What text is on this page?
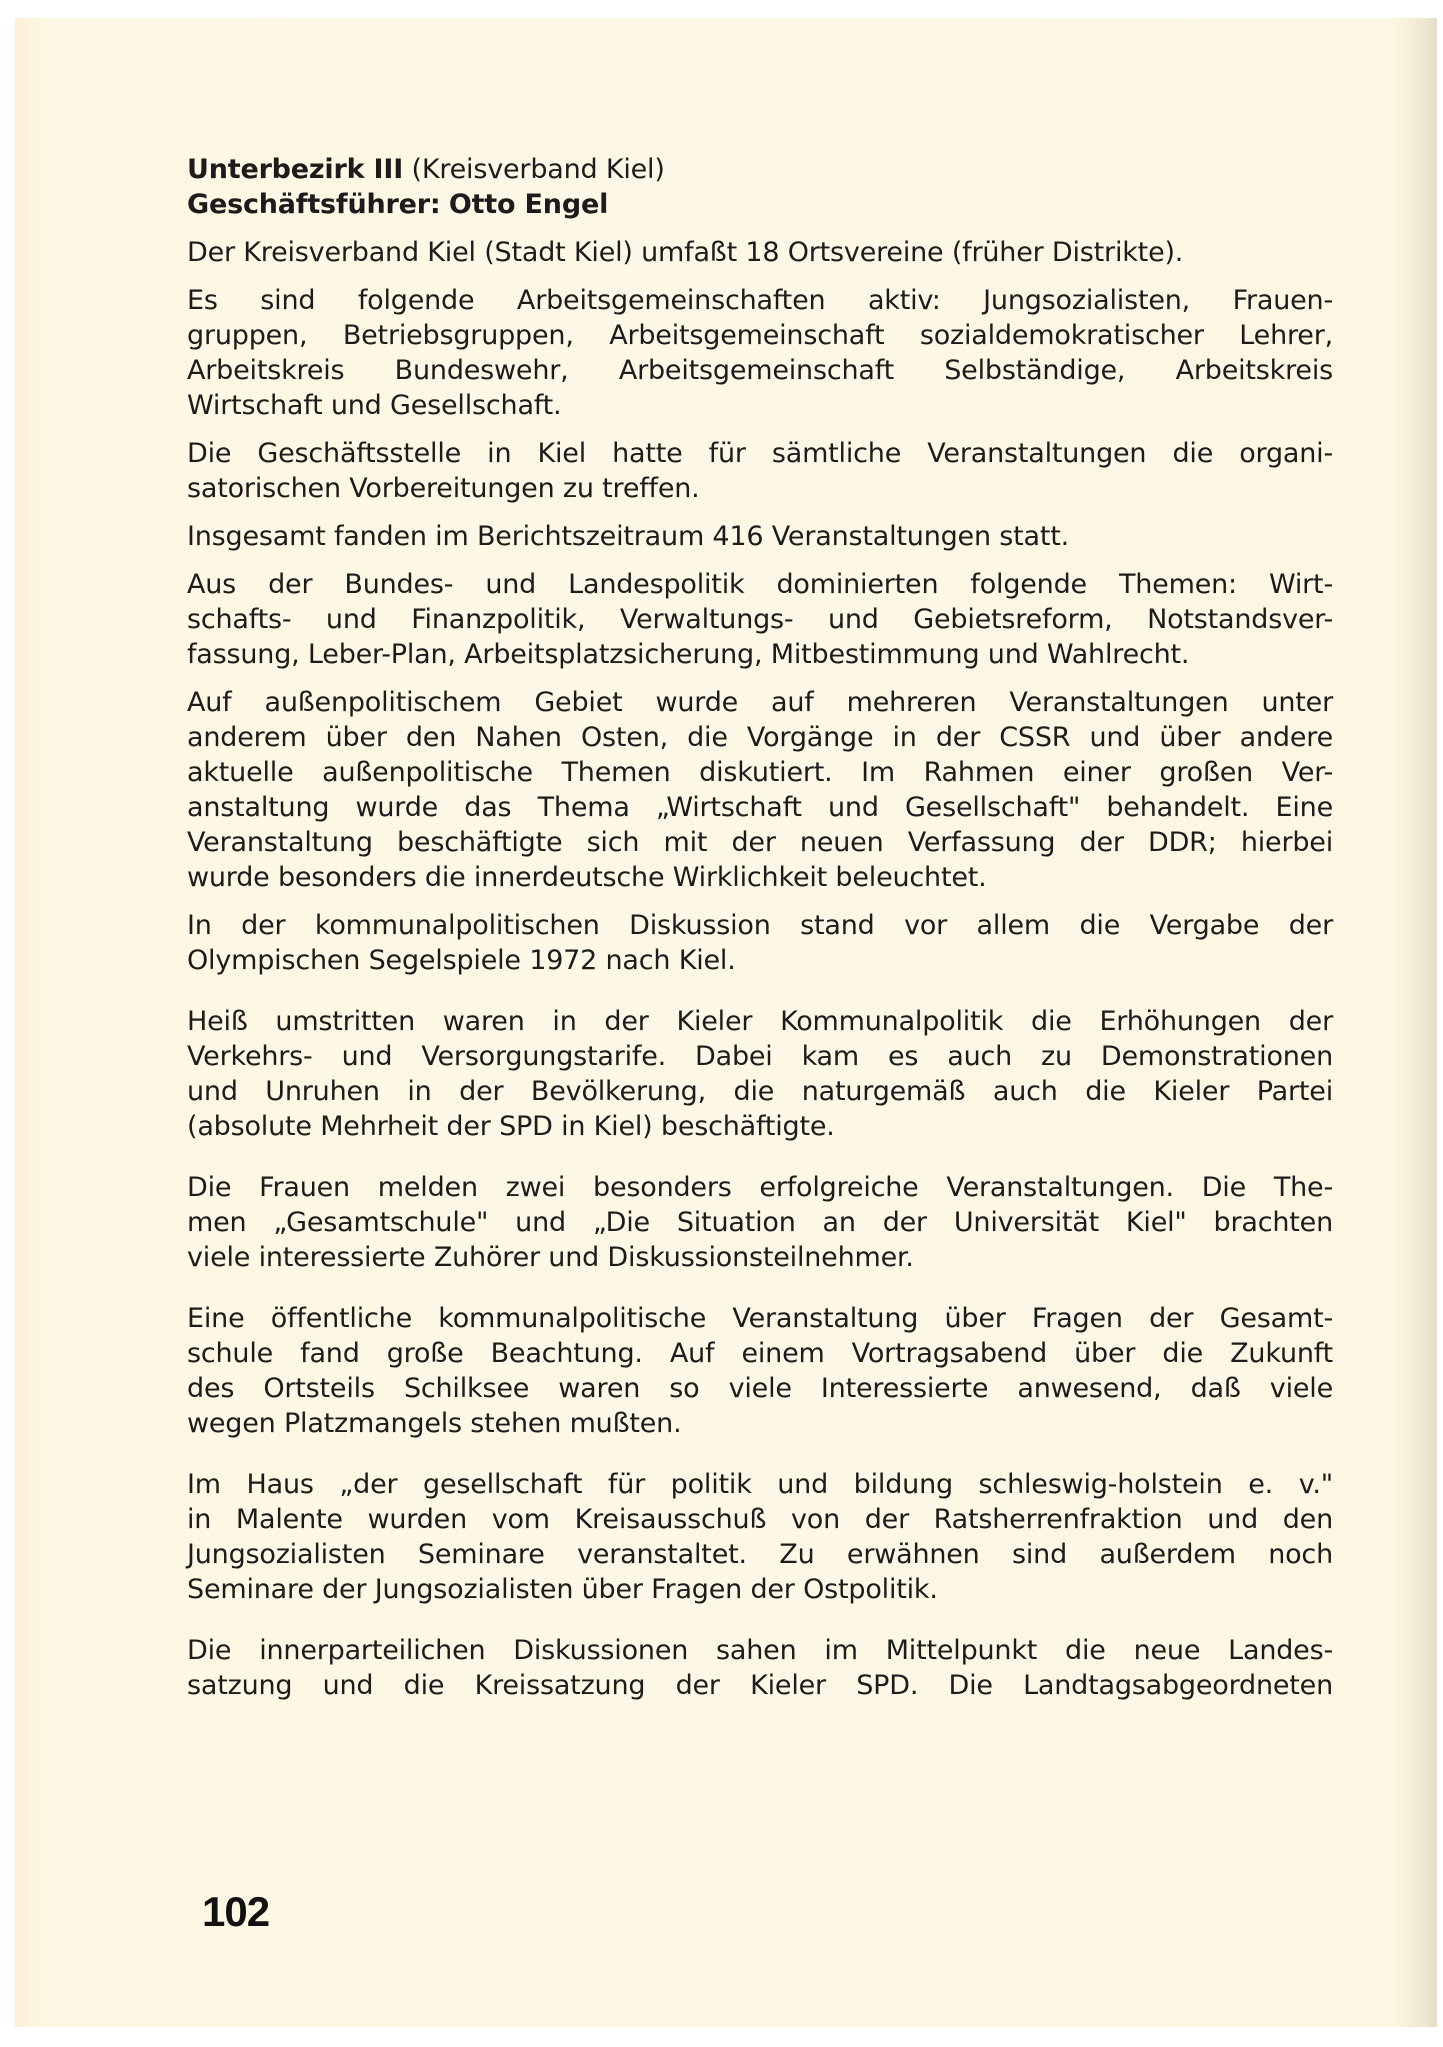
Unterbezirk III (Kreisverband Kiel)
Geschäftsführer: Otto Engel
Der Kreisverband Kiel (Stadt Kiel) umfaßt 18 Ortsvereine (früher Distrikte).
Es sind folgende Arbeitsgemeinschaften aktiv: Jungsozialisten, Frauen-
gruppen, Betriebsgruppen, Arbeitsgemeinschaft sozialdemokratischer Lehrer,
Arbeitskreis Bundeswehr, Arbeitsgemeinschaft Selbständige, Arbeitskreis
Wirtschaft und Gesellschaft.
Die Geschäftsstelle in Kiel hatte für sämtliche Veranstaltungen die organi-
satorischen Vorbereitungen zu treffen.
Insgesamt fanden im Berichtszeitraum 416 Veranstaltungen statt.
Aus der Bundes- und Landespolitik dominierten folgende Themen: Wirt-
schafts- und Finanzpolitik, Verwaltungs- und Gebietsreform, Notstandsver-
fassung, Leber-Plan, Arbeitsplatzsicherung, Mitbestimmung und Wahlrecht.
Auf außenpolitischem Gebiet wurde auf mehreren Veranstaltungen unter
anderem über den Nahen Osten, die Vorgänge in der CSSR und über andere
aktuelle außenpolitische Themen diskutiert. Im Rahmen einer großen Ver-
anstaltung wurde das Thema „Wirtschaft und Gesellschaft" behandelt. Eine
Veranstaltung beschäftigte sich mit der neuen Verfassung der DDR; hierbei
wurde besonders die innerdeutsche Wirklichkeit beleuchtet.
In der kommunalpolitischen Diskussion stand vor allem die Vergabe der
Olympischen Segelspiele 1972 nach Kiel.
Heiß umstritten waren in der Kieler Kommunalpolitik die Erhöhungen der
Verkehrs- und Versorgungstarife. Dabei kam es auch zu Demonstrationen
und Unruhen in der Bevölkerung, die naturgemäß auch die Kieler Partei
(absolute Mehrheit der SPD in Kiel) beschäftigte.
Die Frauen melden zwei besonders erfolgreiche Veranstaltungen. Die The-
men „Gesamtschule" und „Die Situation an der Universität Kiel" brachten
viele interessierte Zuhörer und Diskussionsteilnehmer.
Eine öffentliche kommunalpolitische Veranstaltung über Fragen der Gesamt-
schule fand große Beachtung. Auf einem Vortragsabend über die Zukunft
des Ortsteils Schilksee waren so viele Interessierte anwesend, daß viele
wegen Platzmangels stehen mußten.
Im Haus „der gesellschaft für politik und bildung schleswig-holstein e. v."
in Malente wurden vom Kreisausschuß von der Ratsherrenfraktion und den
Jungsozialisten Seminare veranstaltet. Zu erwähnen sind außerdem noch
Seminare der Jungsozialisten über Fragen der Ostpolitik.
Die innerparteilichen Diskussionen sahen im Mittelpunkt die neue Landes-
satzung und die Kreissatzung der Kieler SPD. Die Landtagsabgeordneten
102
